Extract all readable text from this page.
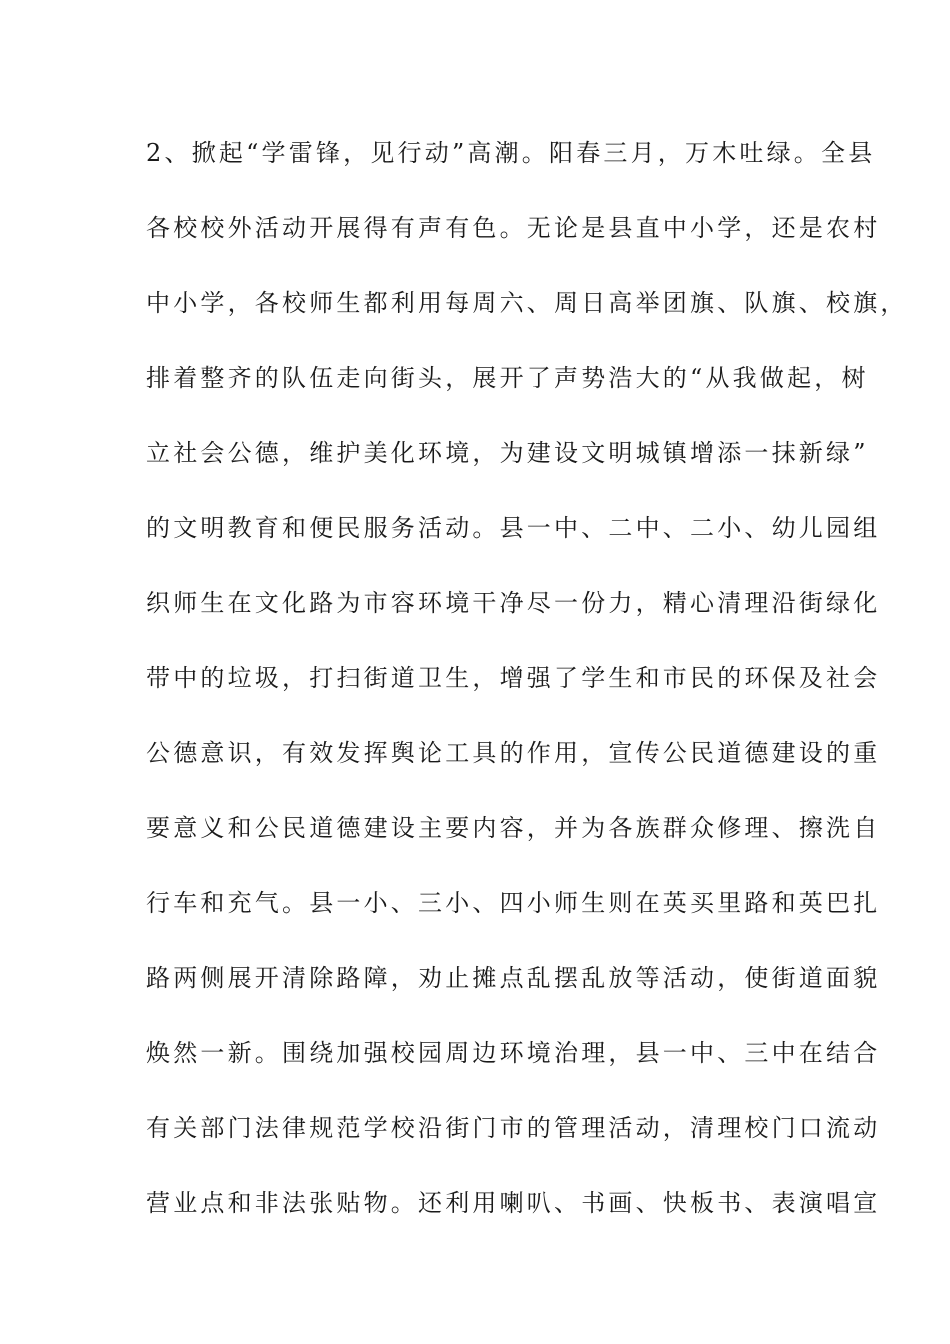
2、掀起“学雷锋，见行动”高潮。阳春三月，万木吐绿。全县
各校校外活动开展得有声有色。无论是县直中小学，还是农村
中小学，各校师生都利用每周六、周日高举团旗、队旗、校旗，
排着整齐的队伍走向街头，展开了声势浩大的“从我做起，树
立社会公德，维护美化环境，为建设文明城镇增添一抹新绿”
的文明教育和便民服务活动。县一中、二中、二小、幼儿园组
织师生在文化路为市容环境干净尽一份力，精心清理沿街绿化
带中的垃圾，打扫街道卫生，增强了学生和市民的环保及社会
公德意识，有效发挥舆论工具的作用，宣传公民道德建设的重
要意义和公民道德建设主要内容，并为各族群众修理、擦洗自
行车和充气。县一小、三小、四小师生则在英买里路和英巴扎
路两侧展开清除路障，劝止摊点乱摆乱放等活动，使街道面貌
焕然一新。围绕加强校园周边环境治理，县一中、三中在结合
有关部门法律规范学校沿街门市的管理活动，清理校门口流动
营业点和非法张贴物。还利用喇叭、书画、快板书、表演唱宣
